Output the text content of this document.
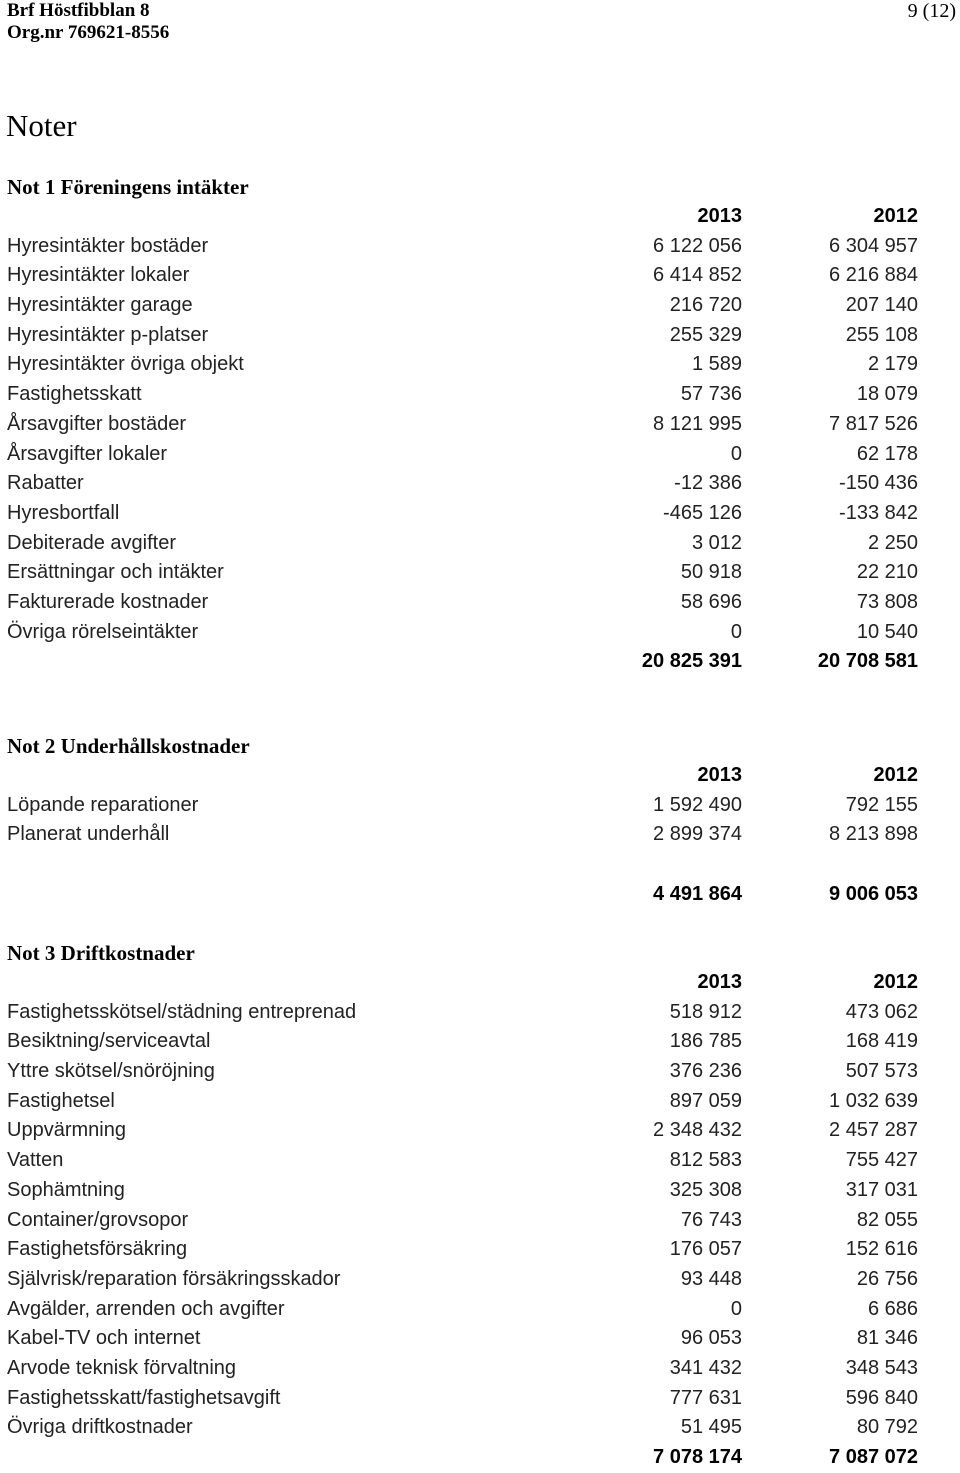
Brf Höstfibblan 8
Org.nr 769621-8556
9 (12)
Noter
Not 1 Föreningens intäkter
2013	2012
Hyresintäkter bostäder	6 122 056	6 304 957
Hyresintäkter lokaler	6 414 852	6 216 884
Hyresintäkter garage	216 720	207 140
Hyresintäkter p-platser	255 329	255 108
Hyresintäkter övriga objekt	1 589	2 179
Fastighetsskatt	57 736	18 079
Årsavgifter bostäder	8 121 995	7 817 526
Årsavgifter lokaler	0	62 178
Rabatter	-12 386	-150 436
Hyresbortfall	-465 126	-133 842
Debiterade avgifter	3 012	2 250
Ersättningar och intäkter	50 918	22 210
Fakturerade kostnader	58 696	73 808
Övriga rörelseintäkter	0	10 540
20 825 391	20 708 581
Not 2 Underhållskostnader
2013	2012
Löpande reparationer	1 592 490	792 155
Planerat underhåll	2 899 374	8 213 898
4 491 864	9 006 053
Not 3 Driftkostnader
2013	2012
Fastighetsskötsel/städning entreprenad	518 912	473 062
Besiktning/serviceavtal	186 785	168 419
Yttre skötsel/snöröjning	376 236	507 573
Fastighetsel	897 059	1 032 639
Uppvärmning	2 348 432	2 457 287
Vatten	812 583	755 427
Sophämtning	325 308	317 031
Container/grovsopor	76 743	82 055
Fastighetsförsäkring	176 057	152 616
Självrisk/reparation försäkringsskador	93 448	26 756
Avgälder, arrenden och avgifter	0	6 686
Kabel-TV och internet	96 053	81 346
Arvode teknisk förvaltning	341 432	348 543
Fastighetsskatt/fastighetsavgift	777 631	596 840
Övriga driftkostnader	51 495	80 792
7 078 174	7 087 072
